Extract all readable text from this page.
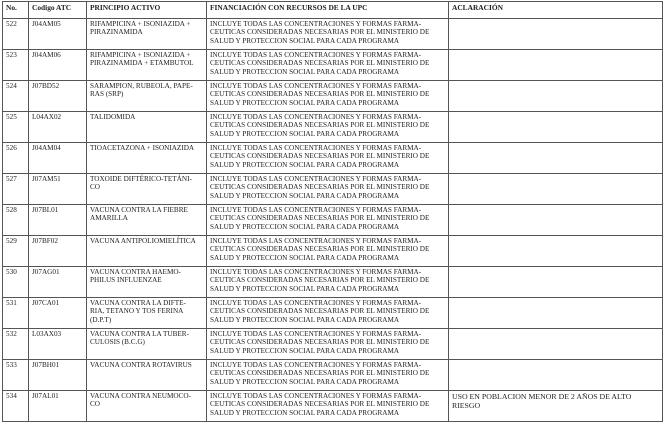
No.	Codigo ATC	PRINCIPIO ACTIVO	FINANCIACIÓN CON RECURSOS DE LA UPC	ACLARACIÓN

522	J04AM05	RIFAMPICINA + ISONIAZIDA +
PIRAZINAMIDA	INCLUYE TODAS LAS CONCENTRACIONES Y FORMAS FARMA-
CEUTICAS CONSIDERADAS NECESARIAS POR EL MINISTERIO DE
SALUD Y PROTECCION SOCIAL PARA CADA PROGRAMA	

523	J04AM06	RIFAMPICINA + ISONIAZIDA +
PIRAZINAMIDA + ETAMBUTOL	INCLUYE TODAS LAS CONCENTRACIONES Y FORMAS FARMA-
CEUTICAS CONSIDERADAS NECESARIAS POR EL MINISTERIO DE
SALUD Y PROTECCION SOCIAL PARA CADA PROGRAMA	

524	J07BD52	SARAMPION, RUBEOLA, PAPE-
RAS (SRP)	INCLUYE TODAS LAS CONCENTRACIONES Y FORMAS FARMA-
CEUTICAS CONSIDERADAS NECESARIAS POR EL MINISTERIO DE
SALUD Y PROTECCION SOCIAL PARA CADA PROGRAMA	

525	L04AX02	TALIDOMIDA	INCLUYE TODAS LAS CONCENTRACIONES Y FORMAS FARMA-
CEUTICAS CONSIDERADAS NECESARIAS POR EL MINISTERIO DE
SALUD Y PROTECCION SOCIAL PARA CADA PROGRAMA	

526	J04AM04	TIOACETAZONA + ISONIAZIDA	INCLUYE TODAS LAS CONCENTRACIONES Y FORMAS FARMA-
CEUTICAS CONSIDERADAS NECESARIAS POR EL MINISTERIO DE
SALUD Y PROTECCION SOCIAL PARA CADA PROGRAMA	

527	J07AM51	TOXOIDE DIFTÉRICO-TETÁNI-
CO	INCLUYE TODAS LAS CONCENTRACIONES Y FORMAS FARMA-
CEUTICAS CONSIDERADAS NECESARIAS POR EL MINISTERIO DE
SALUD Y PROTECCION SOCIAL PARA CADA PROGRAMA	

528	J07BL01	VACUNA CONTRA LA FIEBRE
AMARILLA	INCLUYE TODAS LAS CONCENTRACIONES Y FORMAS FARMA-
CEUTICAS CONSIDERADAS NECESARIAS POR EL MINISTERIO DE
SALUD Y PROTECCION SOCIAL PARA CADA PROGRAMA	

529	J07BF02	VACUNA ANTIPOLIOMIELÍTICA	INCLUYE TODAS LAS CONCENTRACIONES Y FORMAS FARMA-
CEUTICAS CONSIDERADAS NECESARIAS POR EL MINISTERIO DE
SALUD Y PROTECCION SOCIAL PARA CADA PROGRAMA	

530	J07AG01	VACUNA CONTRA HAEMO-
PHILUS INFLUENZAE	INCLUYE TODAS LAS CONCENTRACIONES Y FORMAS FARMA-
CEUTICAS CONSIDERADAS NECESARIAS POR EL MINISTERIO DE
SALUD Y PROTECCION SOCIAL PARA CADA PROGRAMA	

531	J07CA01	VACUNA CONTRA LA DIFTE-
RIA, TETANO Y TOS FERINA
(D.P.T)	INCLUYE TODAS LAS CONCENTRACIONES Y FORMAS FARMA-
CEUTICAS CONSIDERADAS NECESARIAS POR EL MINISTERIO DE
SALUD Y PROTECCION SOCIAL PARA CADA PROGRAMA	

532	L03AX03	VACUNA CONTRA LA TUBER-
CULOSIS (B.C.G)	INCLUYE TODAS LAS CONCENTRACIONES Y FORMAS FARMA-
CEUTICAS CONSIDERADAS NECESARIAS POR EL MINISTERIO DE
SALUD Y PROTECCION SOCIAL PARA CADA PROGRAMA	

533	J07BH01	VACUNA CONTRA ROTAVIRUS	INCLUYE TODAS LAS CONCENTRACIONES Y FORMAS FARMA-
CEUTICAS CONSIDERADAS NECESARIAS POR EL MINISTERIO DE
SALUD Y PROTECCION SOCIAL PARA CADA PROGRAMA	

534	J07AL01	VACUNA CONTRA NEUMOCO-
CO	INCLUYE TODAS LAS CONCENTRACIONES Y FORMAS FARMA-
CEUTICAS CONSIDERADAS NECESARIAS POR EL MINISTERIO DE
SALUD Y PROTECCION SOCIAL PARA CADA PROGRAMA	USO EN POBLACION MENOR DE 2 AÑOS DE ALTO
RIESGO
